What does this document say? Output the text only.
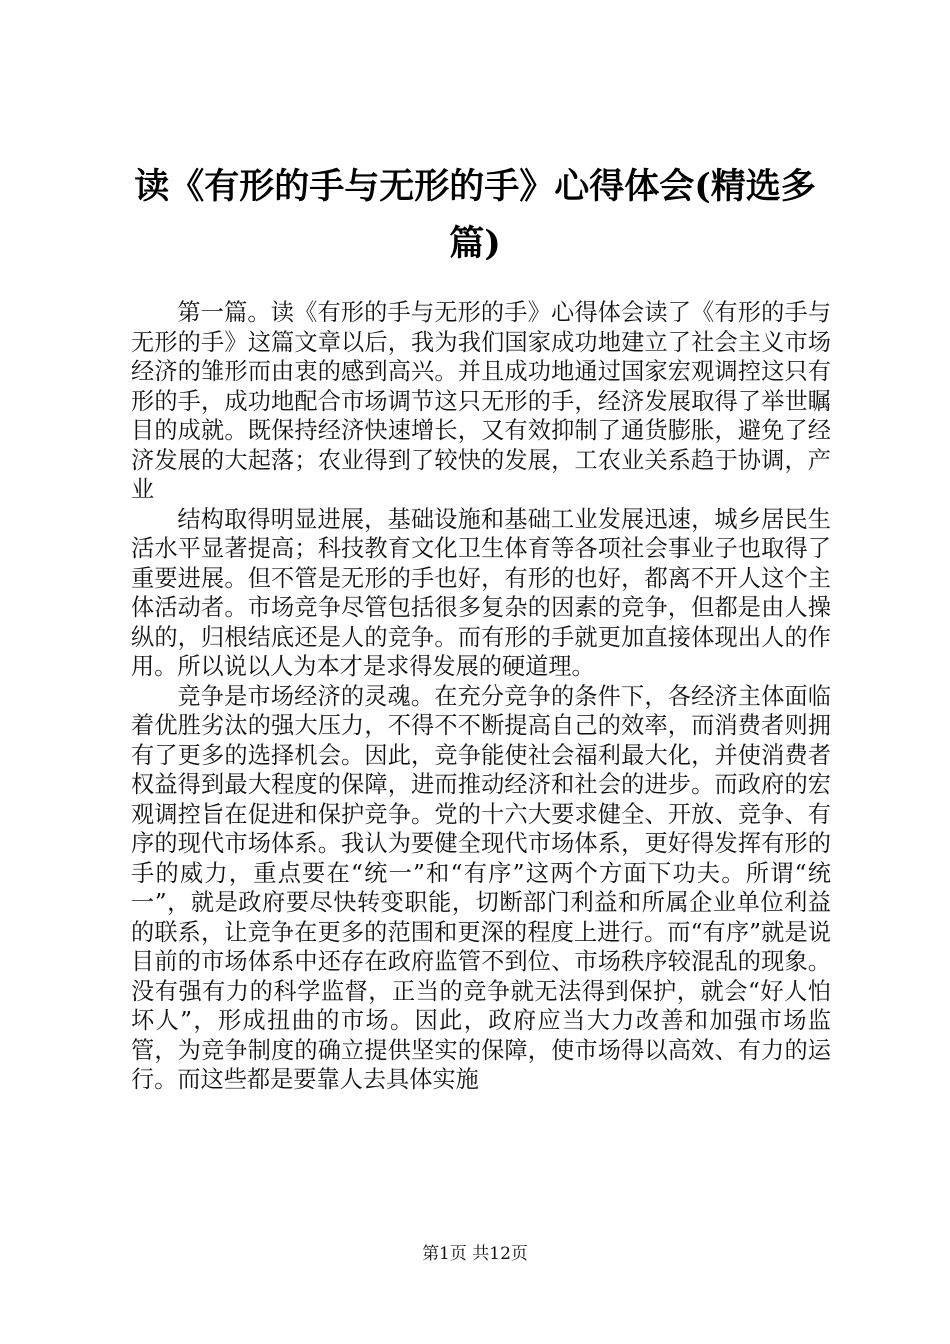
读《有形的手与无形的手》心得体会(精选多篇)

第一篇。读《有形的手与无形的手》心得体会读了《有形的手与无形的手》这篇文章以后，我为我们国家成功地建立了社会主义市场经济的雏形而由衷的感到高兴。并且成功地通过国家宏观调控这只有形的手，成功地配合市场调节这只无形的手，经济发展取得了举世瞩目的成就。既保持经济快速增长，又有效抑制了通货膨胀，避免了经济发展的大起落；农业得到了较快的发展，工农业关系趋于协调，产业

结构取得明显进展，基础设施和基础工业发展迅速，城乡居民生活水平显著提高；科技教育文化卫生体育等各项社会事业子也取得了重要进展。但不管是无形的手也好，有形的也好，都离不开人这个主体活动者。市场竞争尽管包括很多复杂的因素的竞争，但都是由人操纵的，归根结底还是人的竞争。而有形的手就更加直接体现出人的作用。所以说以人为本才是求得发展的硬道理。

竞争是市场经济的灵魂。在充分竞争的条件下，各经济主体面临着优胜劣汰的强大压力，不得不不断提高自己的效率，而消费者则拥有了更多的选择机会。因此，竞争能使社会福利最大化，并使消费者权益得到最大程度的保障，进而推动经济和社会的进步。而政府的宏观调控旨在促进和保护竞争。党的十六大要求健全、开放、竞争、有序的现代市场体系。我认为要健全现代市场体系，更好得发挥有形的手的威力，重点要在“统一”和“有序”这两个方面下功夫。所谓“统一”，就是政府要尽快转变职能，切断部门利益和所属企业单位利益的联系，让竞争在更多的范围和更深的程度上进行。而“有序”就是说目前的市场体系中还存在政府监管不到位、市场秩序较混乱的现象。没有强有力的科学监督，正当的竞争就无法得到保护，就会“好人怕坏人”，形成扭曲的市场。因此，政府应当大力改善和加强市场监管，为竞争制度的确立提供坚实的保障，使市场得以高效、有力的运行。而这些都是要靠人去具体实施

第1页 共12页
